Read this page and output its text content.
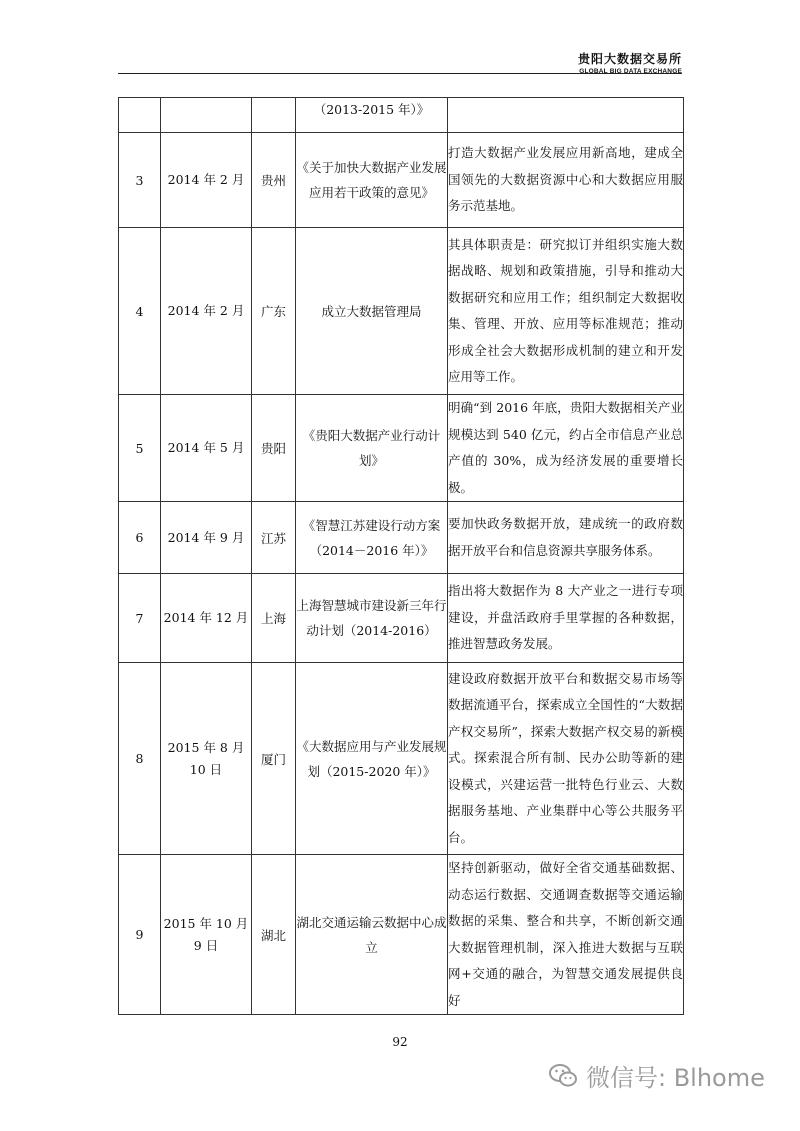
贵阳大数据交易所
GLOBAL BIG DATA EXCHANGE
			（2013-2015 年）》	
3	2014 年 2 月	贵州	《关于加快大数据产业发展应用若干政策的意见》	打造大数据产业发展应用新高地，建成全国领先的大数据资源中心和大数据应用服务示范基地。
4	2014 年 2 月	广东	成立大数据管理局	其具体职责是：研究拟订并组织实施大数据战略、规划和政策措施，引导和推动大数据研究和应用工作；组织制定大数据收集、管理、开放、应用等标准规范；推动形成全社会大数据形成机制的建立和开发应用等工作。
5	2014 年 5 月	贵阳	《贵阳大数据产业行动计划》	明确“到 2016 年底，贵阳大数据相关产业规模达到 540 亿元，约占全市信息产业总产值的 30%，成为经济发展的重要增长极。
6	2014 年 9 月	江苏	《智慧江苏建设行动方案（2014－2016 年）》	要加快政务数据开放，建成统一的政府数据开放平台和信息资源共享服务体系。
7	2014 年 12 月	上海	上海智慧城市建设新三年行动计划（2014-2016）	指出将大数据作为 8 大产业之一进行专项建设，并盘活政府手里掌握的各种数据，推进智慧政务发展。
8	2015 年 8 月 10 日	厦门	《大数据应用与产业发展规划（2015-2020 年）》	建设政府数据开放平台和数据交易市场等数据流通平台，探索成立全国性的“大数据产权交易所”，探索大数据产权交易的新模式。探索混合所有制、民办公助等新的建设模式，兴建运营一批特色行业云、大数据服务基地、产业集群中心等公共服务平台。
9	2015 年 10 月 9 日	湖北	湖北交通运输云数据中心成立	坚持创新驱动，做好全省交通基础数据、动态运行数据、交通调查数据等交通运输数据的采集、整合和共享，不断创新交通大数据管理机制，深入推进大数据与互联网+交通的融合，为智慧交通发展提供良好
92
微信号: Blhome
